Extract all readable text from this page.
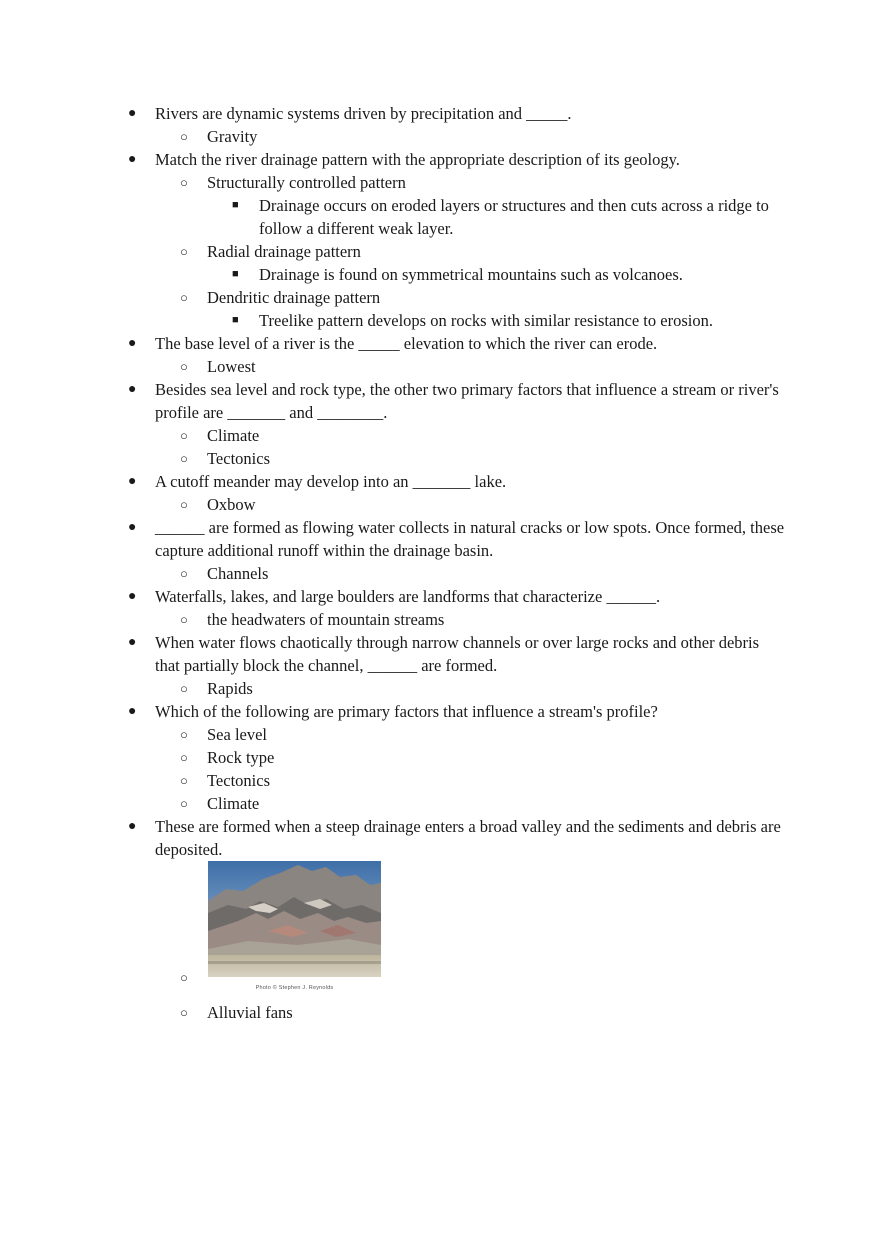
● Rivers are dynamic systems driven by precipitation and _____.
○ Gravity
● Match the river drainage pattern with the appropriate description of its geology.
○ Structurally controlled pattern
■ Drainage occurs on eroded layers or structures and then cuts across a ridge to follow a different weak layer.
○ Radial drainage pattern
■ Drainage is found on symmetrical mountains such as volcanoes.
○ Dendritic drainage pattern
■ Treelike pattern develops on rocks with similar resistance to erosion.
● The base level of a river is the _____ elevation to which the river can erode.
○ Lowest
● Besides sea level and rock type, the other two primary factors that influence a stream or river's profile are _______ and ________.
○ Climate
○ Tectonics
● A cutoff meander may develop into an _______ lake.
○ Oxbow
● ______ are formed as flowing water collects in natural cracks or low spots. Once formed, these capture additional runoff within the drainage basin.
○ Channels
● Waterfalls, lakes, and large boulders are landforms that characterize ______.
○ the headwaters of mountain streams
● When water flows chaotically through narrow channels or over large rocks and other debris that partially block the channel, ______ are formed.
○ Rapids
● Which of the following are primary factors that influence a stream's profile?
○ Sea level
○ Rock type
○ Tectonics
○ Climate
● These are formed when a steep drainage enters a broad valley and the sediments and debris are deposited.
○
Photo © Stephen J. Reynolds
○ Alluvial fans
